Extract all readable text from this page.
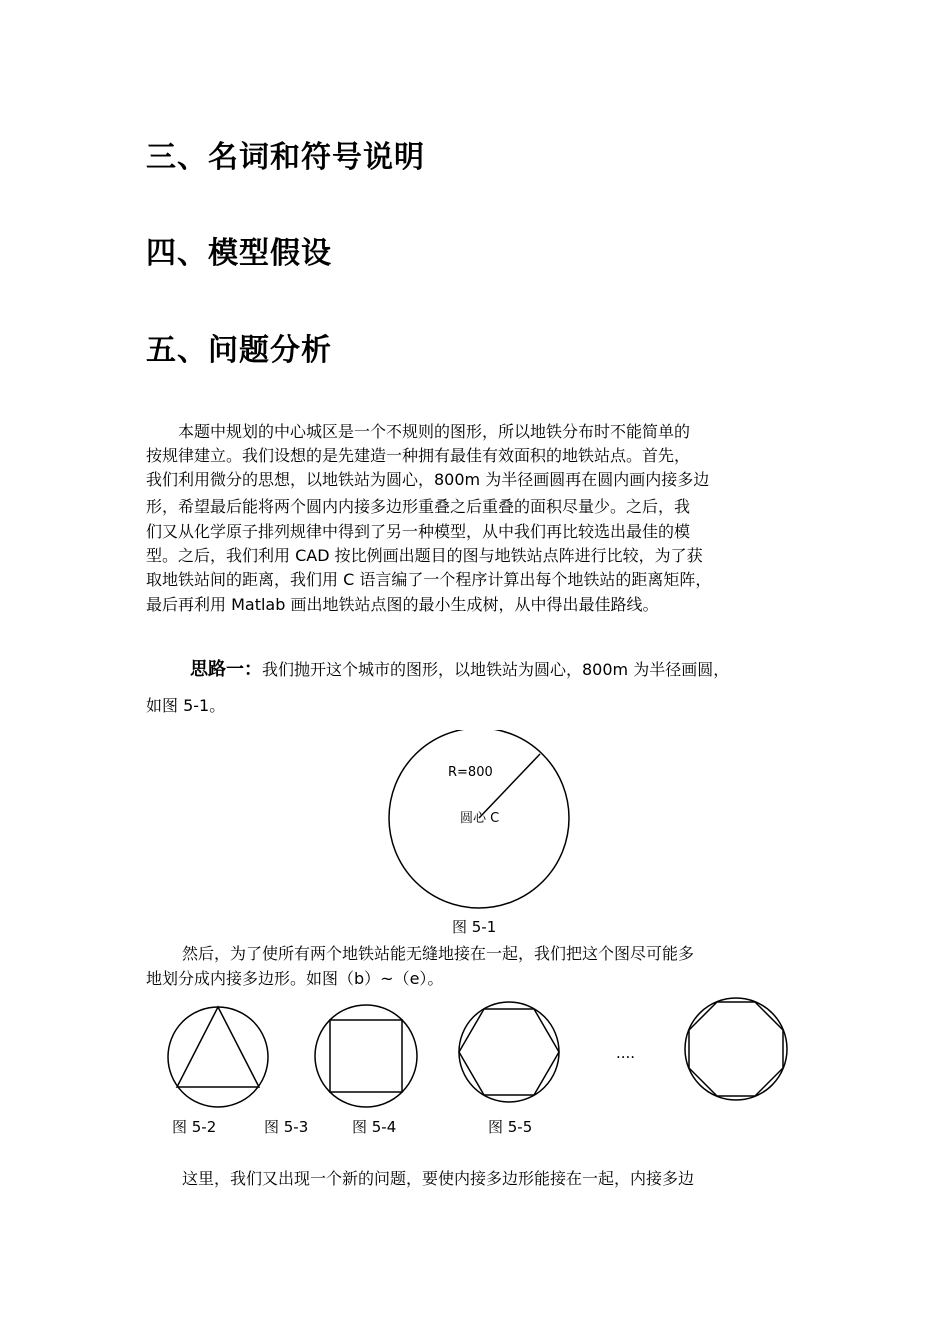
三、名词和符号说明
四、模型假设
五、问题分析
本题中规划的中心城区是一个不规则的图形，所以地铁分布时不能简单的
按规律建立。我们设想的是先建造一种拥有最佳有效面积的地铁站点。首先，
我们利用微分的思想，以地铁站为圆心，800m 为半径画圆再在圆内画内接多边
形，希望最后能将两个圆内内接多边形重叠之后重叠的面积尽量少。之后，我
们又从化学原子排列规律中得到了另一种模型，从中我们再比较选出最佳的模
型。之后，我们利用 CAD 按比例画出题目的图与地铁站点阵进行比较，为了获
取地铁站间的距离，我们用 C 语言编了一个程序计算出每个地铁站的距离矩阵，
最后再利用 Matlab 画出地铁站点图的最小生成树，从中得出最佳路线。
思路一：我们抛开这个城市的图形，以地铁站为圆心，800m 为半径画圆，
如图 5-1。
R=800
圆心 C
图 5-1
然后，为了使所有两个地铁站能无缝地接在一起，我们把这个图尽可能多
地划分成内接多边形。如图（b）~（e）。
....
图 5-2	图 5-3	图 5-4	图 5-5
这里，我们又出现一个新的问题，要使内接多边形能接在一起，内接多边
